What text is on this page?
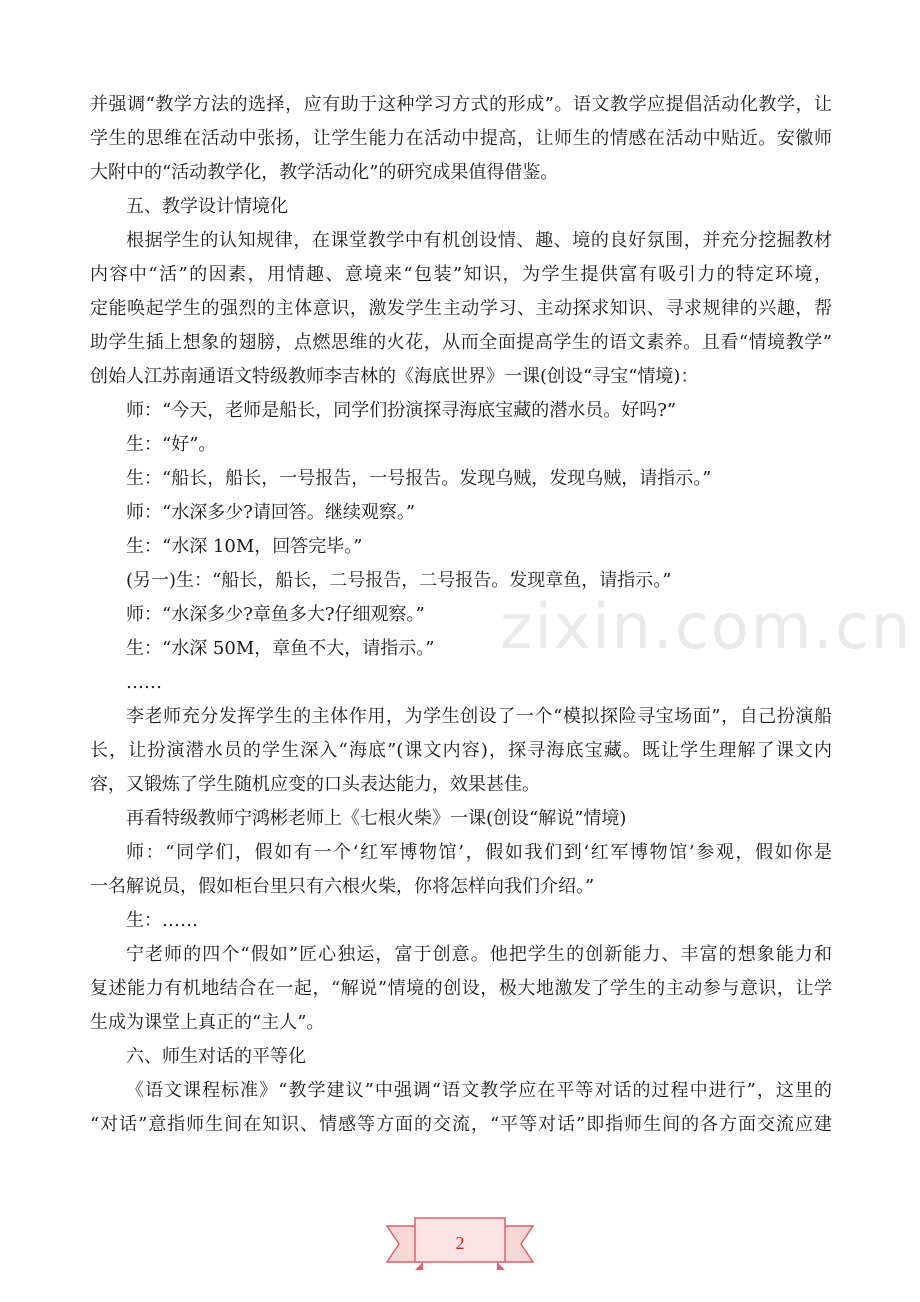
并强调“教学方法的选择，应有助于这种学习方式的形成”。语文教学应提倡活动化教学，让
学生的思维在活动中张扬，让学生能力在活动中提高，让师生的情感在活动中贴近。安徽师
大附中的“活动教学化，教学活动化”的研究成果值得借鉴。
五、教学设计情境化
根据学生的认知规律，在课堂教学中有机创设情、趣、境的良好氛围，并充分挖掘教材
内容中“活”的因素，用情趣、意境来“包装”知识，为学生提供富有吸引力的特定环境，
定能唤起学生的强烈的主体意识，激发学生主动学习、主动探求知识、寻求规律的兴趣，帮
助学生插上想象的翅膀，点燃思维的火花，从而全面提高学生的语文素养。且看“情境教学”
创始人江苏南通语文特级教师李吉林的《海底世界》一课(创设“寻宝“情境)：
师：“今天，老师是船长，同学们扮演探寻海底宝藏的潜水员。好吗?”
生：“好”。
生：“船长，船长，一号报告，一号报告。发现乌贼，发现乌贼，请指示。”
师：“水深多少?请回答。继续观察。”
生：“水深 10M，回答完毕。”
(另一)生：“船长，船长，二号报告，二号报告。发现章鱼，请指示。”
师：“水深多少?章鱼多大?仔细观察。”
生：“水深 50M，章鱼不大，请指示。”
……
李老师充分发挥学生的主体作用，为学生创设了一个“模拟探险寻宝场面”，自己扮演船
长，让扮演潜水员的学生深入“海底”(课文内容)，探寻海底宝藏。既让学生理解了课文内
容，又锻炼了学生随机应变的口头表达能力，效果甚佳。
再看特级教师宁鸿彬老师上《七根火柴》一课(创设“解说”情境)
师：“同学们，假如有一个‘红军博物馆’，假如我们到‘红军博物馆’参观，假如你是
一名解说员，假如柜台里只有六根火柴，你将怎样向我们介绍。”
生：……
宁老师的四个“假如”匠心独运，富于创意。他把学生的创新能力、丰富的想象能力和
复述能力有机地结合在一起，“解说”情境的创设，极大地激发了学生的主动参与意识，让学
生成为课堂上真正的“主人”。
六、师生对话的平等化
《语文课程标准》“教学建议”中强调“语文教学应在平等对话的过程中进行”，这里的
“对话”意指师生间在知识、情感等方面的交流，“平等对话”即指师生间的各方面交流应建
zixin.com.cn
2
